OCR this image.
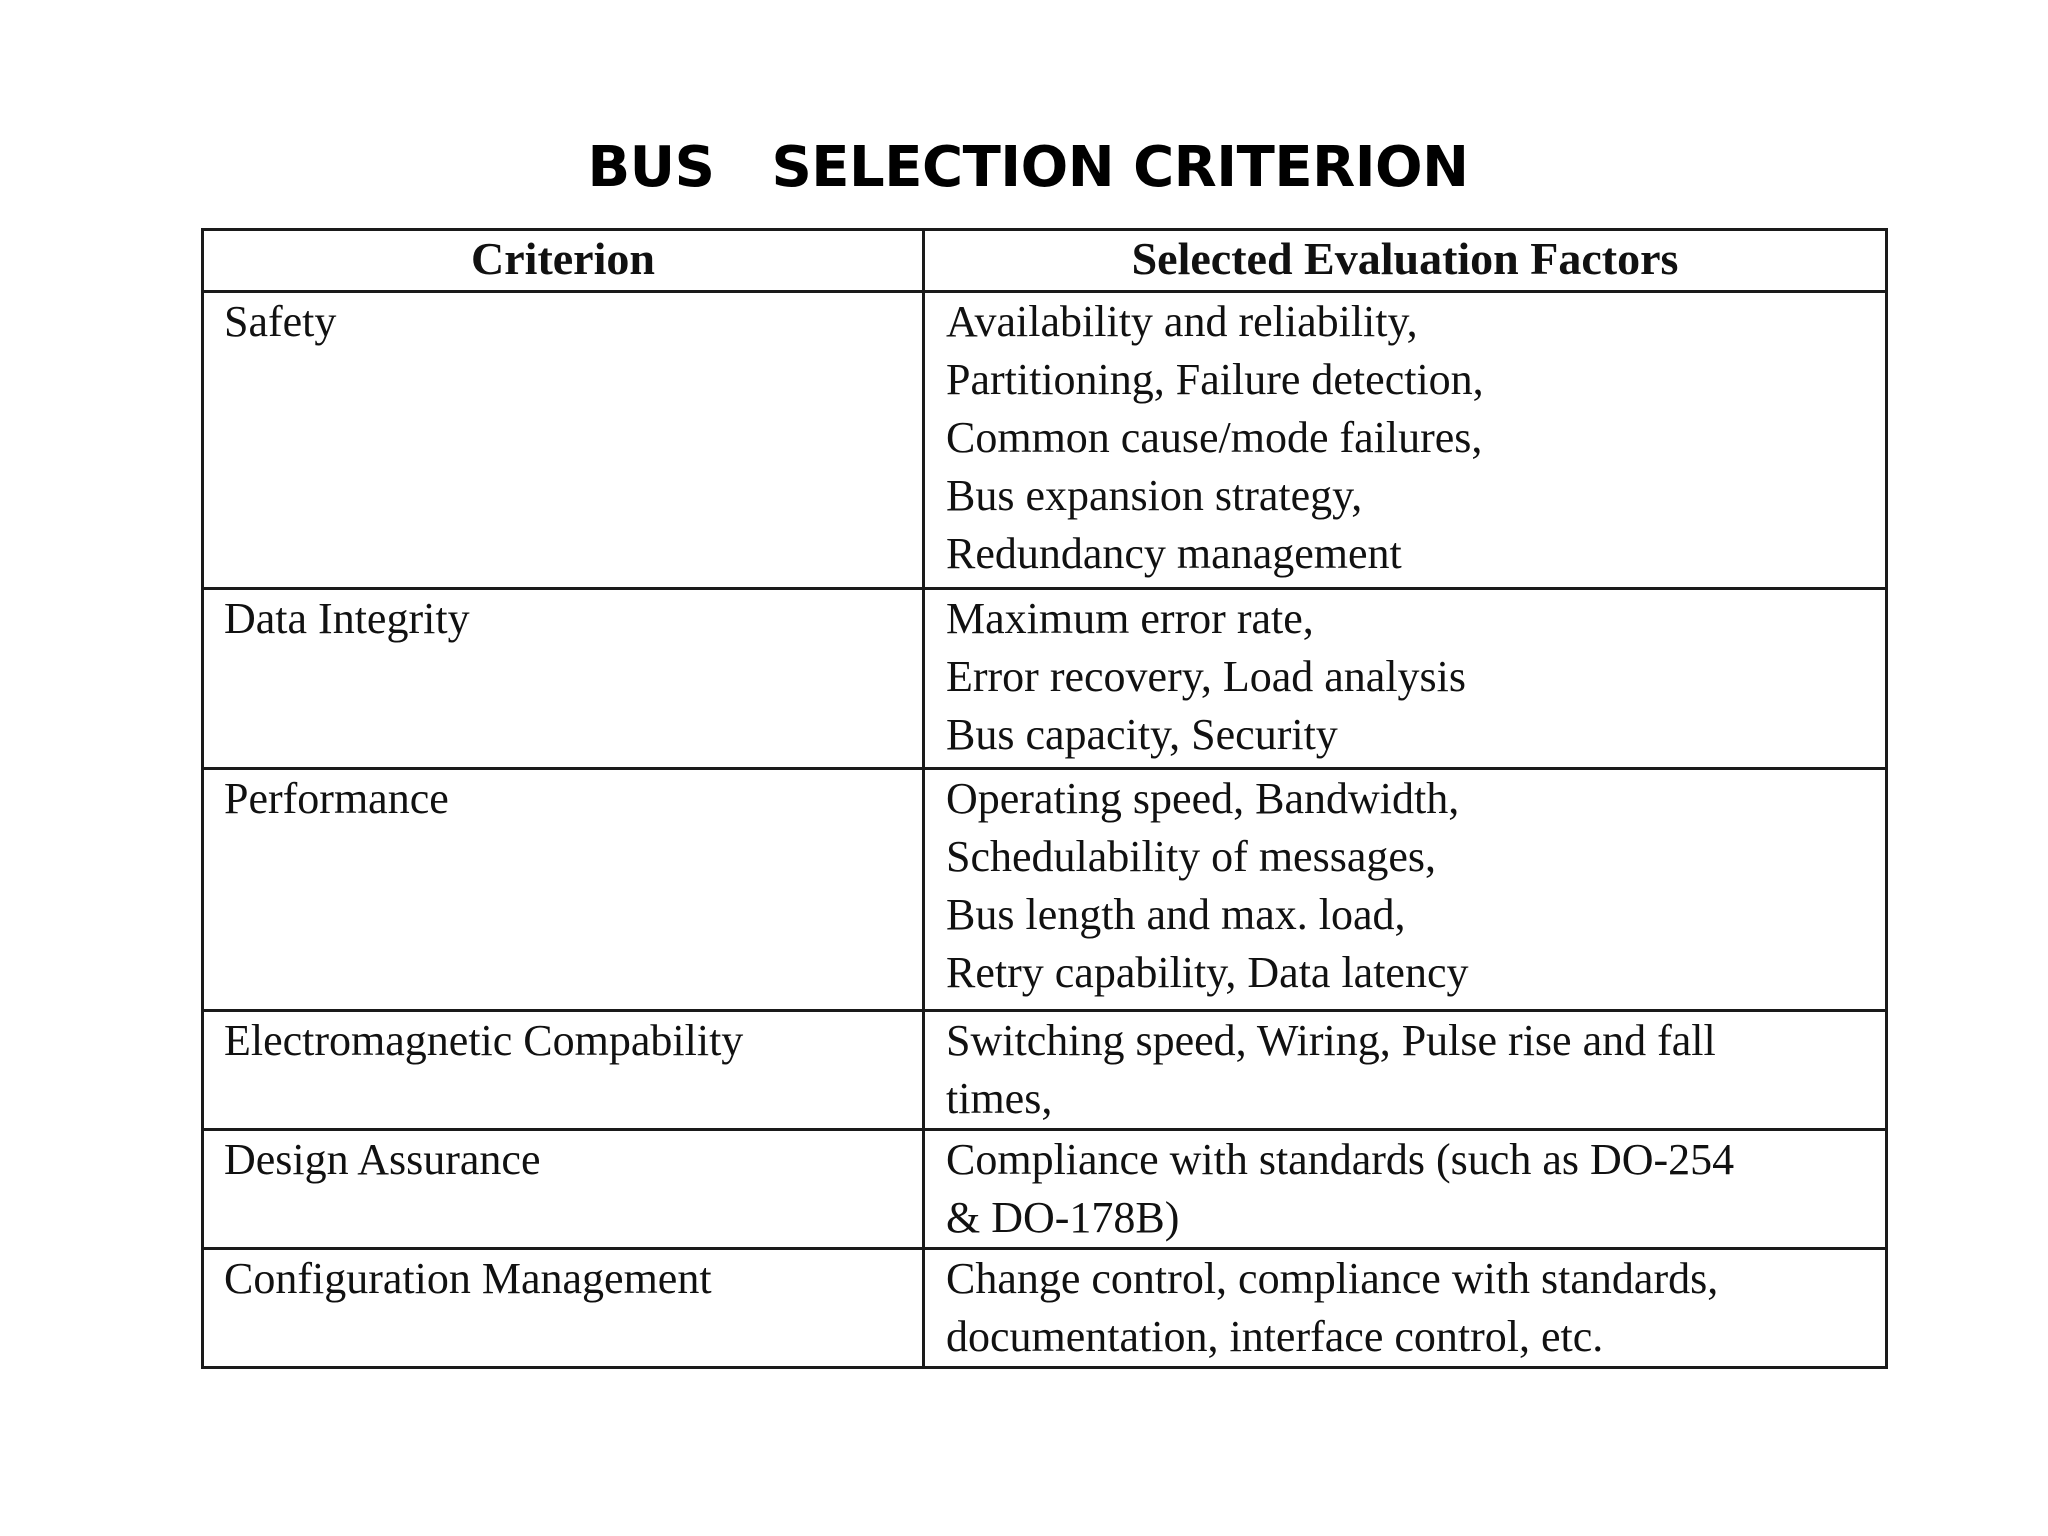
BUS   SELECTION CRITERION
Criterion	Selected Evaluation Factors
Safety	Availability and reliability,
Partitioning, Failure detection,
Common cause/mode failures,
Bus expansion strategy,
Redundancy management

Data Integrity	Maximum error rate,
Error recovery, Load analysis
Bus capacity, Security

Performance	Operating speed, Bandwidth,
Schedulability of messages,
Bus length and max. load,
Retry capability, Data latency

Electromagnetic Compability	Switching speed, Wiring, Pulse rise and fall
times,

Design Assurance	Compliance with standards (such as DO-254
& DO-178B)

Configuration Management	Change control, compliance with standards,
documentation, interface control, etc.
